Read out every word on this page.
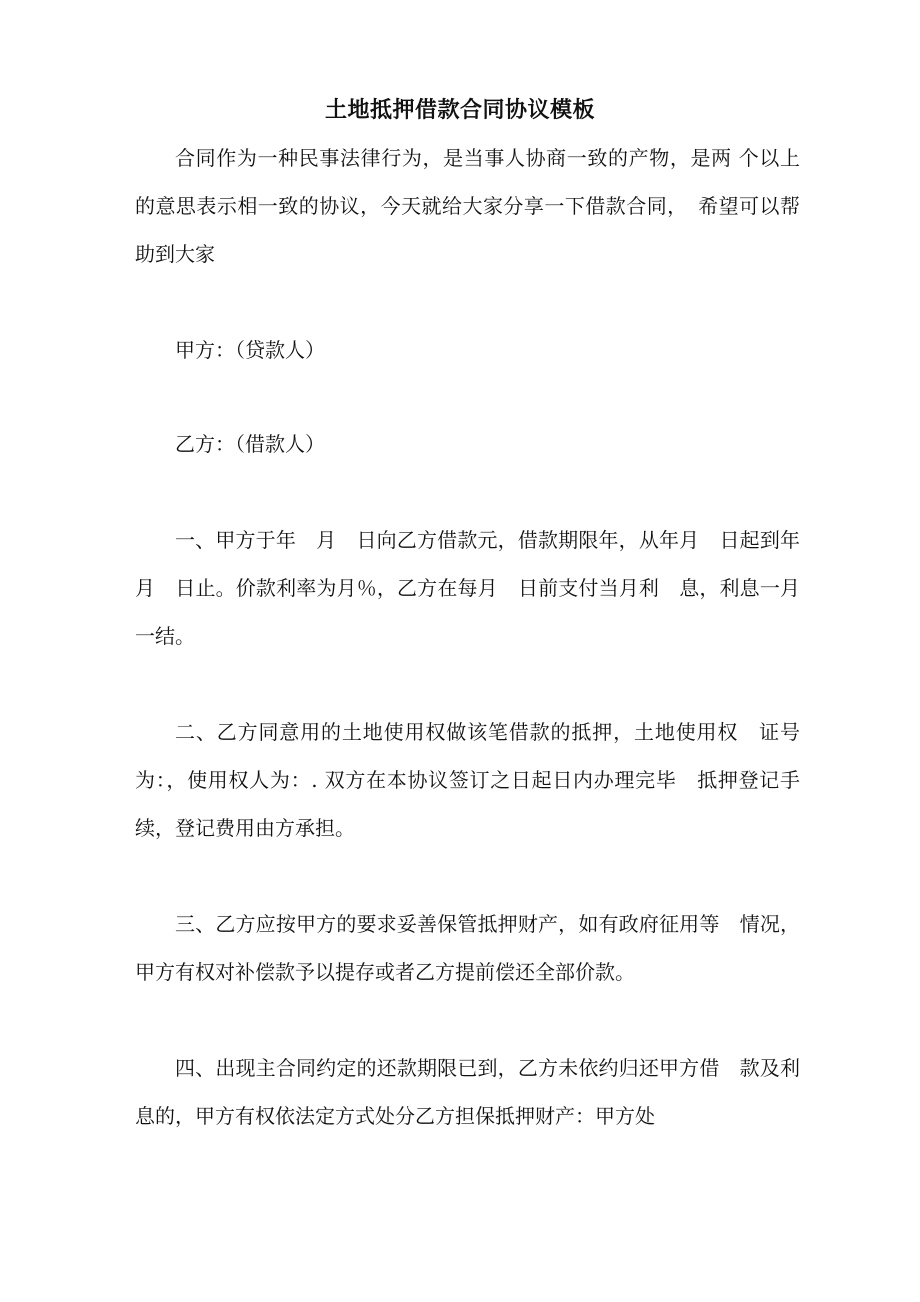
土地抵押借款合同协议模板

合同作为一种民事法律行为，是当事人协商一致的产物，是两 个以上的意思表示相一致的协议，今天就给大家分享一下借款合同，　希望可以帮助到大家

甲方：（贷款人）

乙方：（借款人）

一、甲方于年　月　日向乙方借款元，借款期限年，从年月　日起到年　月　日止。价款利率为月％，乙方在每月　日前支付当月利　息，利息一月一结。

二、乙方同意用的土地使用权做该笔借款的抵押，土地使用权　证号为：，使用权人为：. 双方在本协议签订之日起日内办理完毕　抵押登记手续，登记费用由方承担。

三、乙方应按甲方的要求妥善保管抵押财产，如有政府征用等　情况，甲方有权对补偿款予以提存或者乙方提前偿还全部价款。

四、出现主合同约定的还款期限已到，乙方未依约归还甲方借　款及利息的，甲方有权依法定方式处分乙方担保抵押财产：甲方处
